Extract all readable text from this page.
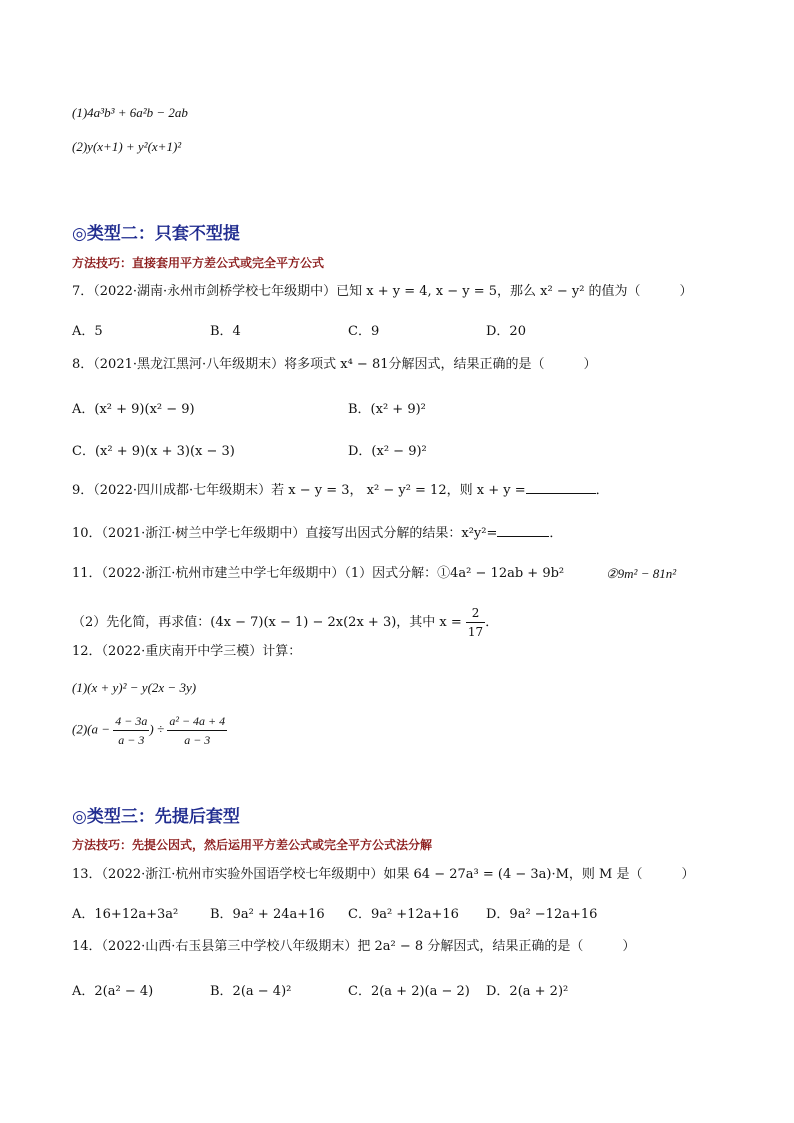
(1)4a³b³ + 6a²b − 2ab
(2)y(x+1) + y²(x+1)²
◎类型二：只套不型提
方法技巧：直接套用平方差公式或完全平方公式
7．（2022·湖南·永州市剑桥学校七年级期中）已知 x + y = 4, x − y = 5，那么 x² − y² 的值为（　　　）
A．5	B．4	C．9	D．20
8．（2021·黑龙江黑河·八年级期末）将多项式 x⁴ − 81分解因式，结果正确的是（　　　）
A．(x² + 9)(x² − 9)	B．(x² + 9)²
C．(x² + 9)(x + 3)(x − 3)	D．(x² − 9)²
9．（2022·四川成都·七年级期末）若 x − y = 3， x² − y² = 12，则 x + y =	．
10．（2021·浙江·树兰中学七年级期中）直接写出因式分解的结果：x²y²=	．
11．（2022·浙江·杭州市建兰中学七年级期中）（1）因式分解：①4a² − 12ab + 9b²	②9m² − 81n²
（2）先化简，再求值：(4x − 7)(x − 1) − 2x(2x + 3)，其中 $x = \frac{2}{17}$ ．
12．（2022·重庆南开中学三模）计算：
(1)(x + y)² − y(2x − 3y)
$(2)(a - \frac{4 - 3a}{a - 3}$ ) ÷ $\frac{\text{a² − 4a + 4}}{a - 3}$
◎类型三：先提后套型
方法技巧：先提公因式，然后运用平方差公式或完全平方公式法分解
13．（2022·浙江·杭州市实验外国语学校七年级期中）如果 64 − 27a³ = (4 − 3a)·M，则 M 是（　　　）
A．16+12a+3a² B．9a² + 24a+16 C．9a² +12a+16 D．9a² −12a+16
14．（2022·山西·右玉县第三中学校八年级期末）把 2a² − 8 分解因式，结果正确的是（　　　）
A．2(a² − 4)	B．2(a − 4)²	C．2(a + 2)(a − 2) D．2(a + 2)²
